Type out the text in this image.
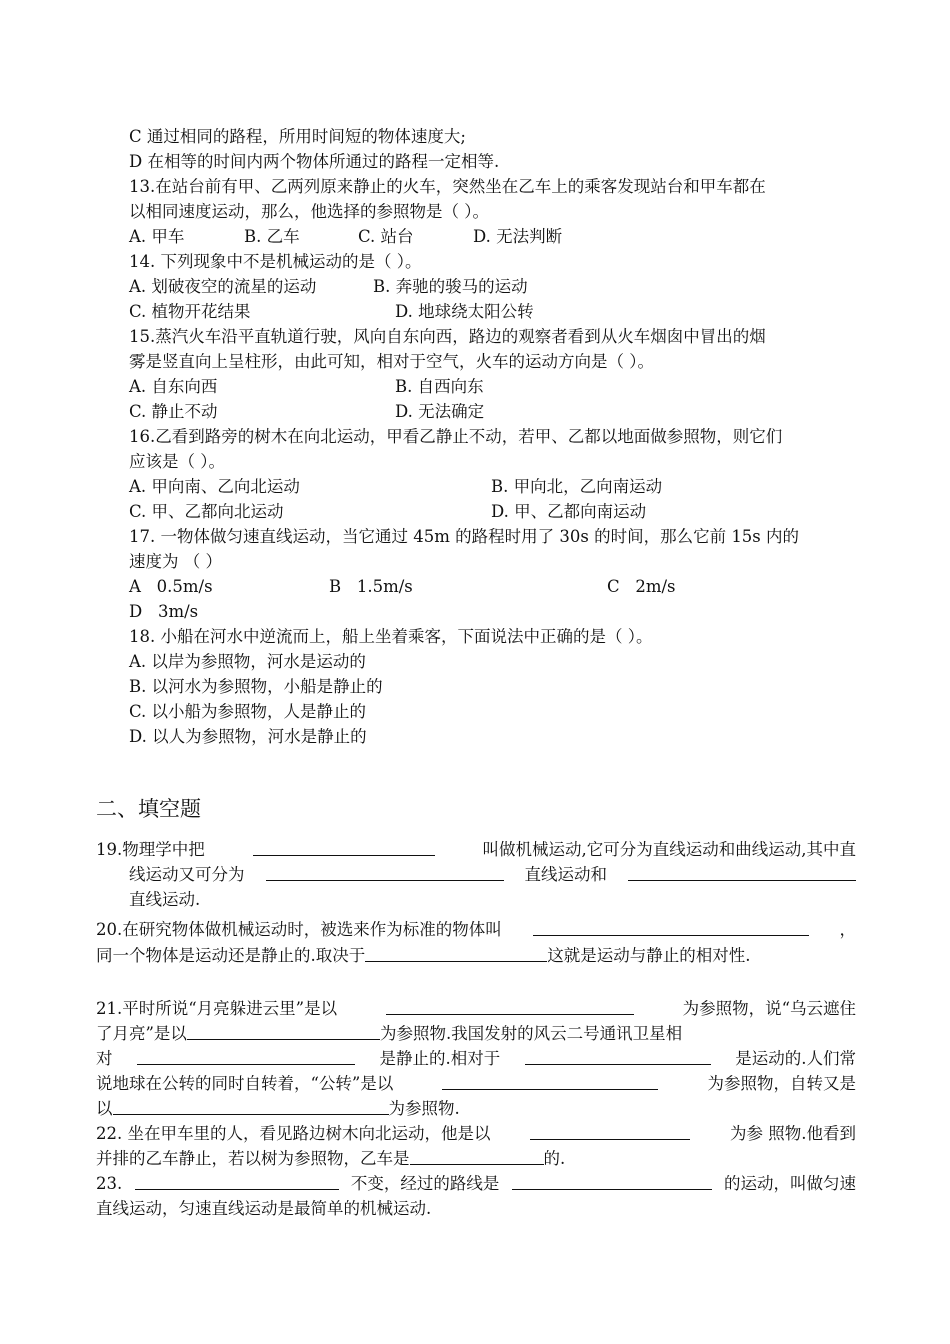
C 通过相同的路程，所用时间短的物体速度大;
D 在相等的时间内两个物体所通过的路程一定相等.
13.在站台前有甲、乙两列原来静止的火车，突然坐在乙车上的乘客发现站台和甲车都在
以相同速度运动，那么，他选择的参照物是（ ）。
A. 甲车	B. 乙车	C. 站台	D. 无法判断
14. 下列现象中不是机械运动的是（ ）。
A. 划破夜空的流星的运动	B. 奔驰的骏马的运动
C. 植物开花结果	D. 地球绕太阳公转
15.蒸汽火车沿平直轨道行驶，风向自东向西，路边的观察者看到从火车烟囱中冒出的烟
雾是竖直向上呈柱形，由此可知，相对于空气，火车的运动方向是（ ）。
A. 自东向西	B. 自西向东
C. 静止不动	D. 无法确定
16.乙看到路旁的树木在向北运动，甲看乙静止不动，若甲、乙都以地面做参照物，则它们
应该是（ ）。
A. 甲向南、乙向北运动	B. 甲向北，乙向南运动
C. 甲、乙都向北运动	D. 甲、乙都向南运动
17. 一物体做匀速直线运动，当它通过 45m 的路程时用了 30s 的时间，那么它前 15s 内的
速度为 （ ）
A   0.5m/s	B   1.5m/s	C   2m/s
D   3m/s
18. 小船在河水中逆流而上，船上坐着乘客，下面说法中正确的是（ ）。
A. 以岸为参照物，河水是运动的
B. 以河水为参照物，小船是静止的
C. 以小船为参照物，人是静止的
D. 以人为参照物，河水是静止的
二、填空题
19.物理学中把	叫做机械运动,它可分为直线运动和曲线运动,其中直
线运动又可分为	直线运动和
直线运动.
20.在研究物体做机械运动时，被选来作为标准的物体叫	，
同一个物体是运动还是静止的.取决于	这就是运动与静止的相对性.
21.平时所说“月亮躲进云里”是以	为参照物，说“乌云遮住
了月亮”是以	为参照物.我国发射的风云二号通讯卫星相
对	是静止的.相对于	是运动的.人们常
说地球在公转的同时自转着，“公转”是以	为参照物，自转又是
以	为参照物.
22. 坐在甲车里的人，看见路边树木向北运动，他是以	为参 照物.他看到
并排的乙车静止，若以树为参照物，乙车是	的.
23.	不变，经过的路线是	的运动，叫做匀速
直线运动，匀速直线运动是最简单的机械运动.
